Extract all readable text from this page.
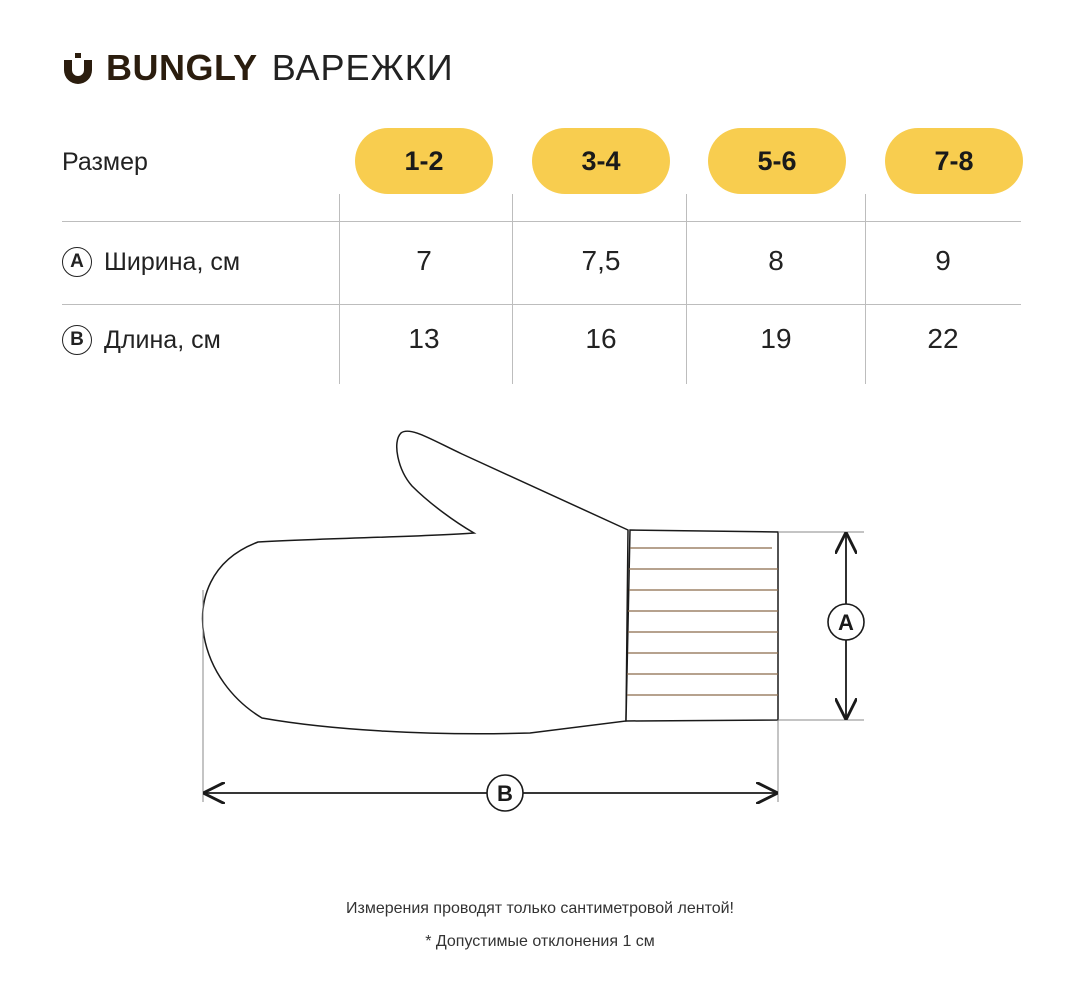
BUNGLY ВАРЕЖКИ
Размер	1-2	3-4	5-6	7-8
A Ширина, см	7	7,5	8	9
B Длина, см	13	16	19	22
A
B
Измерения проводят только сантиметровой лентой!
* Допустимые отклонения 1 см
